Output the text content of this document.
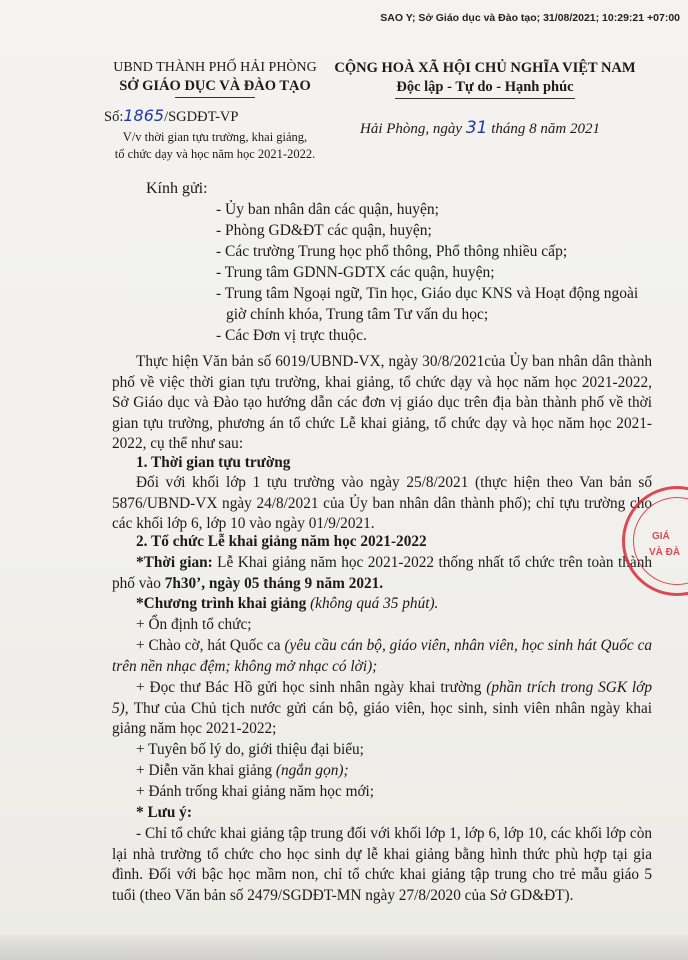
SAO Y; Sở Giáo dục và Đào tạo; 31/08/2021; 10:29:21 +07:00
UBND THÀNH PHỐ HẢI PHÒNG
SỞ GIÁO DỤC VÀ ĐÀO TẠO
CỘNG HOÀ XÃ HỘI CHỦ NGHĨA VIỆT NAM
Độc lập - Tự do - Hạnh phúc
Số:1865/SGDĐT-VP
V/v thời gian tựu trường, khai giảng,
tổ chức dạy và học năm học 2021-2022.
Hải Phòng, ngày 31 tháng 8 năm 2021
Kính gửi:
- Ủy ban nhân dân các quận, huyện;
- Phòng GD&ĐT các quận, huyện;
- Các trường Trung học phổ thông, Phổ thông nhiều cấp;
- Trung tâm GDNN-GDTX các quận, huyện;
- Trung tâm Ngoại ngữ, Tin học, Giáo dục KNS và Hoạt động ngoài giờ chính khóa, Trung tâm Tư vấn du học;
- Các Đơn vị trực thuộc.
Thực hiện Văn bản số 6019/UBND-VX, ngày 30/8/2021của Ủy ban nhân dân thành phố về việc thời gian tựu trường, khai giảng, tổ chức dạy và học năm học 2021-2022, Sở Giáo dục và Đào tạo hướng dẫn các đơn vị giáo dục trên địa bàn thành phố về thời gian tựu trường, phương án tổ chức Lễ khai giảng, tổ chức dạy và học năm học 2021-2022, cụ thể như sau:
1. Thời gian tựu trường
Đối với khối lớp 1 tựu trường vào ngày 25/8/2021 (thực hiện theo Van bản số 5876/UBND-VX ngày 24/8/2021 của Ủy ban nhân dân thành phố); chỉ tựu trường cho các khối lớp 6, lớp 10 vào ngày 01/9/2021.
2. Tổ chức Lễ khai giảng năm học 2021-2022
*Thời gian: Lễ Khai giảng năm học 2021-2022 thống nhất tổ chức trên toàn thành phố vào 7h30’, ngày 05 tháng 9 năm 2021.
*Chương trình khai giảng (không quá 35 phút).
+ Ổn định tổ chức;
+ Chào cờ, hát Quốc ca (yêu cầu cán bộ, giáo viên, nhân viên, học sinh hát Quốc ca trên nền nhạc đệm; không mở nhạc có lời);
+ Đọc thư Bác Hồ gửi học sinh nhân ngày khai trường (phần trích trong SGK lớp 5), Thư của Chủ tịch nước gửi cán bộ, giáo viên, học sinh, sinh viên nhân ngày khai giảng năm học 2021-2022;
+ Tuyên bố lý do, giới thiệu đại biểu;
+ Diễn văn khai giảng (ngắn gọn);
+ Đánh trống khai giảng năm học mới;
* Lưu ý:
- Chỉ tổ chức khai giảng tập trung đối với khối lớp 1, lớp 6, lớp 10, các khối lớp còn lại nhà trường tổ chức cho học sinh dự lễ khai giảng bằng hình thức phù hợp tại gia đình. Đối với bậc học mầm non, chỉ tổ chức khai giảng tập trung cho trẻ mẫu giáo 5 tuổi (theo Văn bản số 2479/SGDĐT-MN ngày 27/8/2020 của Sở GD&ĐT).
GIÁ
VÀ ĐÀ
